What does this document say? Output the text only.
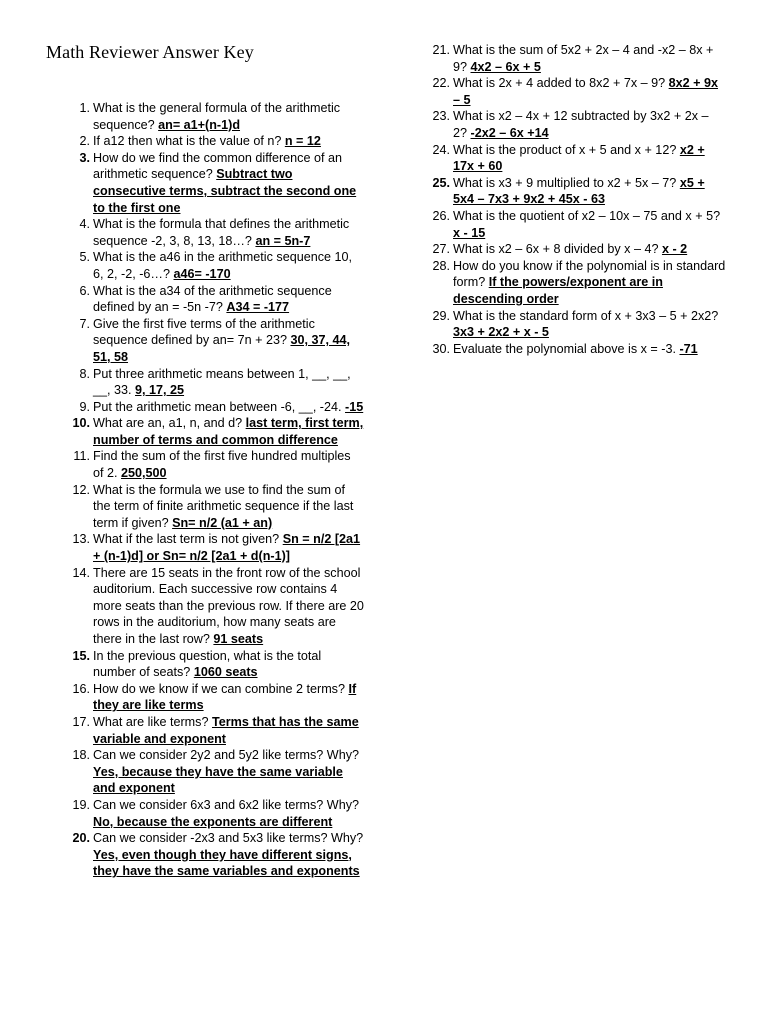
Math Reviewer Answer Key
1. What is the general formula of the arithmetic sequence? an= a1+(n-1)d
2. If a12 then what is the value of n? n = 12
3. How do we find the common difference of an arithmetic sequence? Subtract two consecutive terms, subtract the second one to the first one
4. What is the formula that defines the arithmetic sequence -2, 3, 8, 13, 18…? an = 5n-7
5. What is the a46 in the arithmetic sequence 10, 6, 2, -2, -6…? a46= -170
6. What is the a34 of the arithmetic sequence defined by an = -5n -7? A34 = -177
7. Give the first five terms of the arithmetic sequence defined by an= 7n + 23? 30, 37, 44, 51, 58
8. Put three arithmetic means between 1, __, __, __, 33. 9, 17, 25
9. Put the arithmetic mean between -6, __, -24. -15
10. What are an, a1, n, and d? last term, first term, number of terms and common difference
11. Find the sum of the first five hundred multiples of 2. 250,500
12. What is the formula we use to find the sum of the term of finite arithmetic sequence if the last term if given? Sn= n/2 (a1 + an)
13. What if the last term is not given? Sn = n/2 [2a1 + (n-1)d] or Sn= n/2 [2a1 + d(n-1)]
14. There are 15 seats in the front row of the school auditorium. Each successive row contains 4 more seats than the previous row. If there are 20 rows in the auditorium, how many seats are there in the last row? 91 seats
15. In the previous question, what is the total number of seats? 1060 seats
16. How do we know if we can combine 2 terms? If they are like terms
17. What are like terms? Terms that has the same variable and exponent
18. Can we consider 2y2 and 5y2 like terms? Why? Yes, because they have the same variable and exponent
19. Can we consider 6x3 and 6x2 like terms? Why? No, because the exponents are different
20. Can we consider -2x3 and 5x3 like terms? Why? Yes, even though they have different signs, they have the same variables and exponents
21. What is the sum of 5x2 + 2x – 4 and -x2 – 8x + 9? 4x2 – 6x + 5
22. What is 2x + 4 added to 8x2 + 7x – 9? 8x2 + 9x – 5
23. What is x2 – 4x + 12 subtracted by 3x2 + 2x – 2? -2x2 – 6x +14
24. What is the product of x + 5 and x + 12? x2 + 17x + 60
25. What is x3 + 9 multiplied to x2 + 5x – 7? x5 + 5x4 – 7x3 + 9x2 + 45x - 63
26. What is the quotient of x2 – 10x – 75 and x + 5? x - 15
27. What is x2 – 6x + 8 divided by x – 4? x - 2
28. How do you know if the polynomial is in standard form? If the powers/exponent are in descending order
29. What is the standard form of x + 3x3 – 5 + 2x2? 3x3 + 2x2 + x - 5
30. Evaluate the polynomial above is x = -3. -71
